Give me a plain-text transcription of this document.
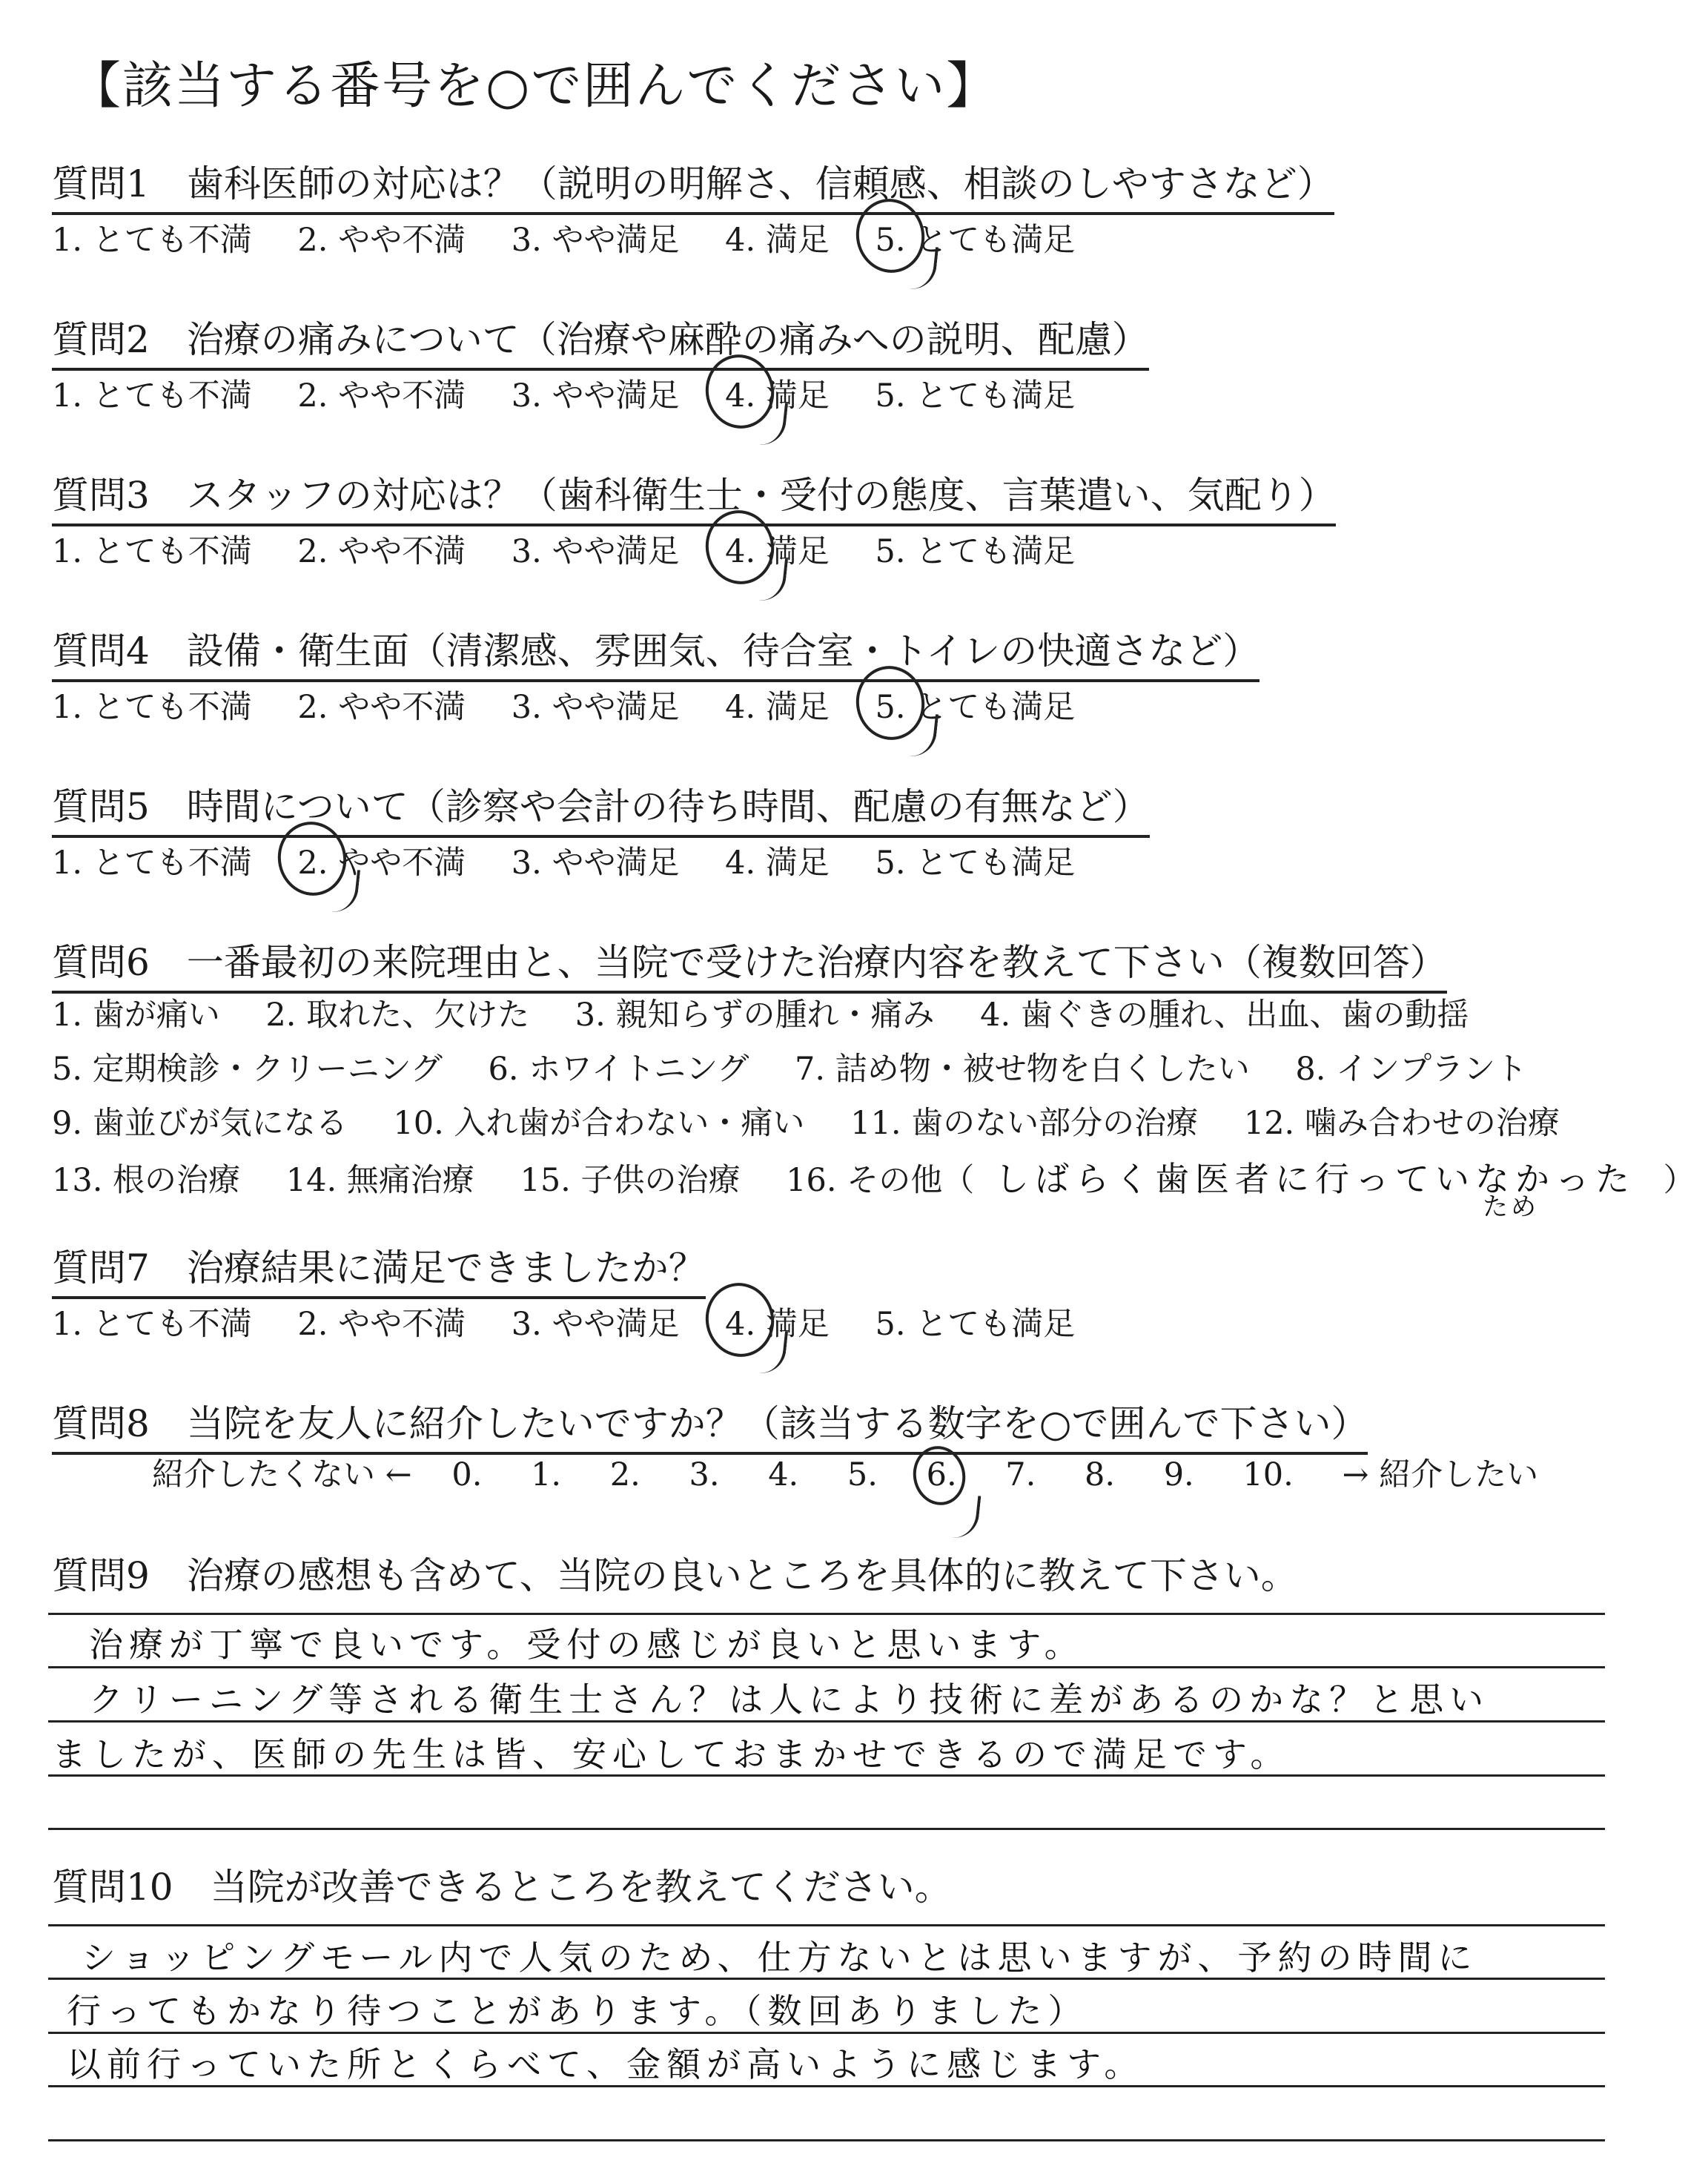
【該当する番号を○で囲んでください】
質問1　歯科医師の対応は？（説明の明解さ、信頼感、相談のしやすさなど）
1. とても不満 2. やや不満 3. やや満足 4. 満足 5. とても満足
質問2　治療の痛みについて（治療や麻酔の痛みへの説明、配慮）
1. とても不満 2. やや不満 3. やや満足 4. 満足 5. とても満足
質問3　スタッフの対応は？（歯科衛生士・受付の態度、言葉遣い、気配り）
1. とても不満 2. やや不満 3. やや満足 4. 満足 5. とても満足
質問4　設備・衛生面（清潔感、雰囲気、待合室・トイレの快適さなど）
1. とても不満 2. やや不満 3. やや満足 4. 満足 5. とても満足
質問5　時間について（診察や会計の待ち時間、配慮の有無など）
1. とても不満 2. やや不満 3. やや満足 4. 満足 5. とても満足
質問6　一番最初の来院理由と、当院で受けた治療内容を教えて下さい（複数回答）
1. 歯が痛い 2. 取れた、欠けた 3. 親知らずの腫れ・痛み 4. 歯ぐきの腫れ、出血、歯の動揺
5. 定期検診・クリーニング 6. ホワイトニング 7. 詰め物・被せ物を白くしたい 8. インプラント
9. 歯並びが気になる 10. 入れ歯が合わない・痛い 11. 歯のない部分の治療 12. 噛み合わせの治療
13. 根の治療 14. 無痛治療 15. 子供の治療 16. その他（ しばらく歯医者に行っていなかった ）
ため
質問7　治療結果に満足できましたか？
1. とても不満 2. やや不満 3. やや満足 4. 満足 5. とても満足
質問8　当院を友人に紹介したいですか？（該当する数字を○で囲んで下さい）
紹介したくない ← 0. 1. 2. 3. 4. 5. 6. 7. 8. 9. 10. → 紹介したい
質問9　治療の感想も含めて、当院の良いところを具体的に教えて下さい。
治療が丁寧で良いです。受付の感じが良いと思います。
クリーニング等される衛生士さん？は人により技術に差があるのかな？と思い
ましたが、医師の先生は皆、安心しておまかせできるので満足です。
質問10　当院が改善できるところを教えてください。
ショッピングモール内で人気のため、仕方ないとは思いますが、予約の時間に
行ってもかなり待つことがあります。（数回ありました）
以前行っていた所とくらべて、金額が高いように感じます。
